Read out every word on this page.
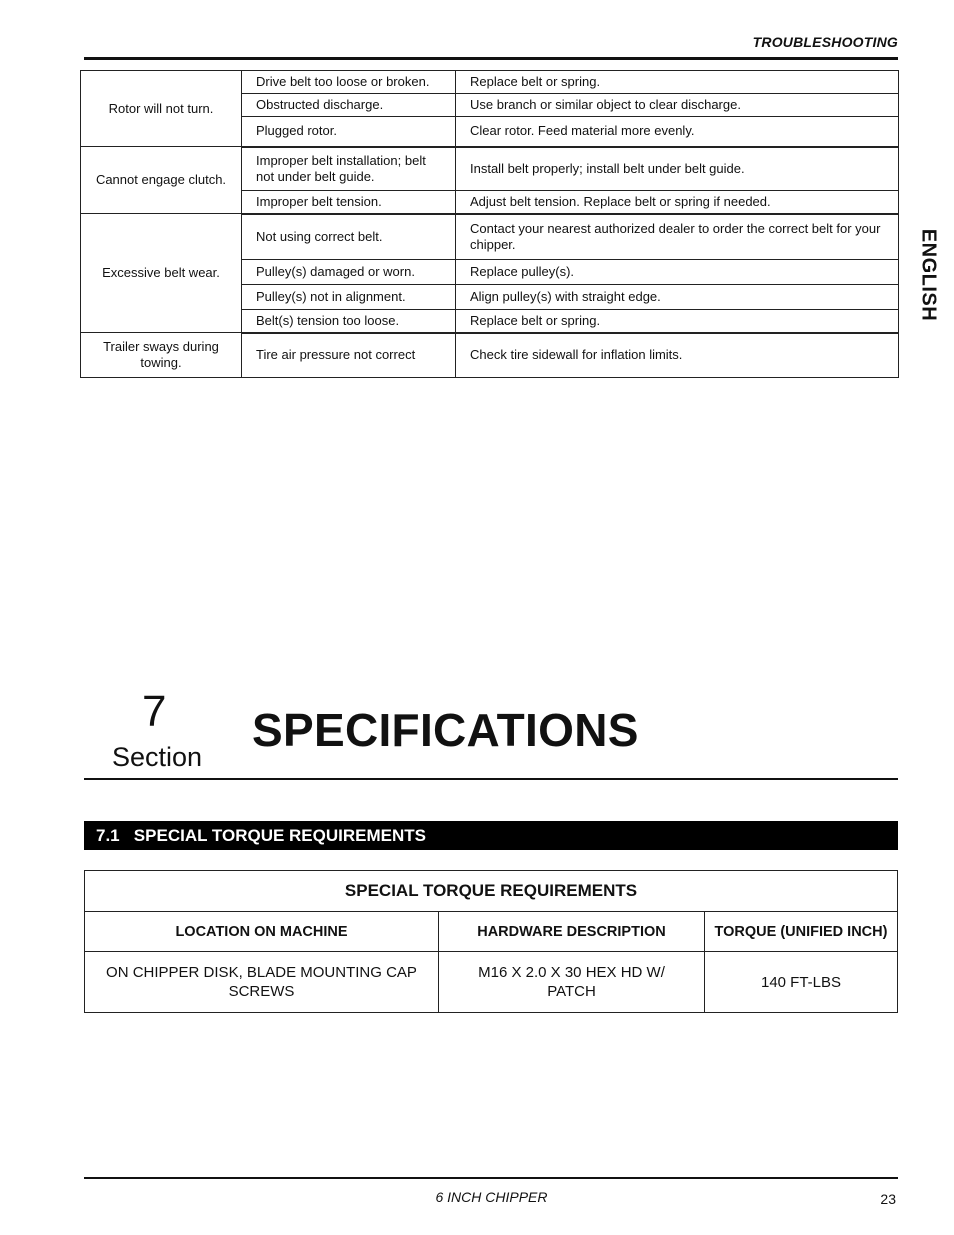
TROUBLESHOOTING
ENGLISH
Rotor will not turn.	Drive belt too loose or broken.	Replace belt or spring.
	Obstructed discharge.	Use branch or similar object to clear discharge.
	Plugged rotor.	Clear rotor. Feed material more evenly.
Cannot engage clutch.	Improper belt installation; belt not under belt guide.	Install belt properly; install belt under belt guide.
	Improper belt tension.	Adjust belt tension. Replace belt or spring if needed.
Excessive belt wear.	Not using correct belt.	Contact your nearest authorized dealer to order the correct belt for your chipper.
	Pulley(s) damaged or worn.	Replace pulley(s).
	Pulley(s) not in alignment.	Align pulley(s) with straight edge.
	Belt(s) tension too loose.	Replace belt or spring.
Trailer sways during towing.	Tire air pressure not correct	Check tire sidewall for inflation limits.
7
Section
SPECIFICATIONS
7.1   SPECIAL TORQUE REQUIREMENTS
SPECIAL TORQUE REQUIREMENTS		
LOCATION ON MACHINE	HARDWARE DESCRIPTION	TORQUE (UNIFIED INCH)
ON CHIPPER DISK, BLADE MOUNTING CAP SCREWS	M16 X 2.0 X 30 HEX HD W/ PATCH	140 FT-LBS
6 INCH CHIPPER	23
